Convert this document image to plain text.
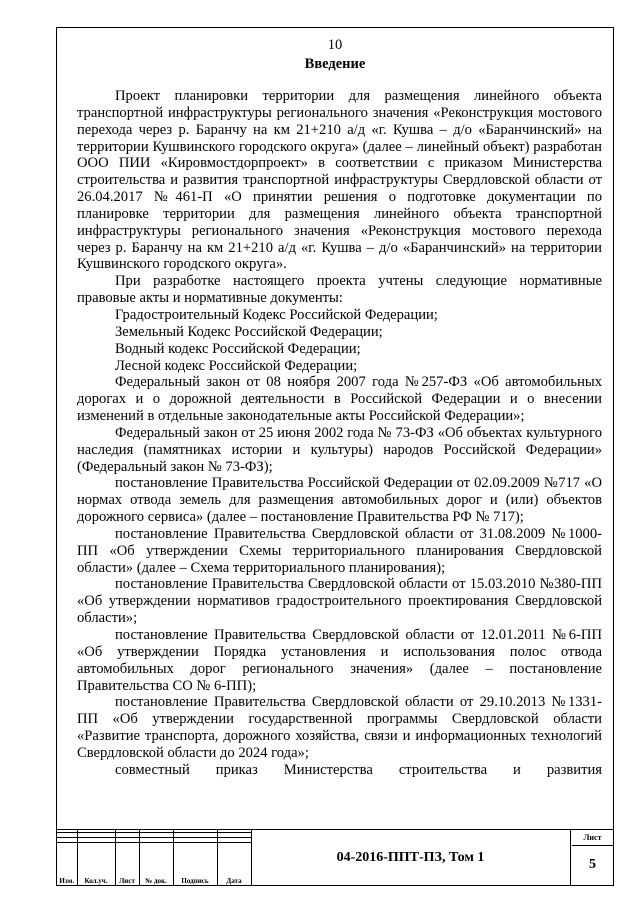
10
Введение

Проект планировки территории для размещения линейного объекта транспортной инфраструктуры регионального значения «Реконструкция мостового перехода через р. Баранчу на км 21+210 а/д «г. Кушва – д/о «Баранчинский» на территории Кушвинского городского округа» (далее – линейный объект) разработан ООО ПИИ «Кировмостдорпроект» в соответствии с приказом Министерства строительства и развития транспортной инфраструктуры Свердловской области от 26.04.2017 №461-П «О принятии решения о подготовке документации по планировке территории для размещения линейного объекта транспортной инфраструктуры регионального значения «Реконструкция мостового перехода через р. Баранчу на км 21+210 а/д «г. Кушва – д/о «Баранчинский» на территории Кушвинского городского округа».

При разработке настоящего проекта учтены следующие нормативные правовые акты и нормативные документы:

Градостроительный Кодекс Российской Федерации;

Земельный Кодекс Российской Федерации;

Водный кодекс Российской Федерации;

Лесной кодекс Российской Федерации;

Федеральный закон от 08 ноября 2007 года №257-ФЗ «Об автомобильных дорогах и о дорожной деятельности в Российской Федерации и о внесении изменений в отдельные законодательные акты Российской Федерации»;

Федеральный закон от 25 июня 2002 года № 73-ФЗ «Об объектах культурного наследия (памятниках истории и культуры) народов Российской Федерации» (Федеральный закон № 73-ФЗ);

постановление Правительства Российской Федерации от 02.09.2009 №717 «О нормах отвода земель для размещения автомобильных дорог и (или) объектов дорожного сервиса» (далее – постановление Правительства РФ № 717);

постановление Правительства Свердловской области от 31.08.2009 №1000-ПП «Об утверждении Схемы территориального планирования Свердловской области» (далее – Схема территориального планирования);

постановление Правительства Свердловской области от 15.03.2010 №380-ПП «Об утверждении нормативов градостроительного проектирования Свердловской области»;

постановление Правительства Свердловской области от 12.01.2011 №6-ПП «Об утверждении Порядка установления и использования полос отвода автомобильных дорог регионального значения» (далее – постановление Правительства СО № 6-ПП);

постановление Правительства Свердловской области от 29.10.2013 №1331-ПП «Об утверждении государственной программы Свердловской области «Развитие транспорта, дорожного хозяйства, связи и информационных технологий Свердловской области до 2024 года»;

совместный приказ Министерства строительства и развития

Изм.	Кол.уч.	Лист	№ док.	Подпись	Дата
04-2016-ППТ-ПЗ, Том 1
Лист
5
